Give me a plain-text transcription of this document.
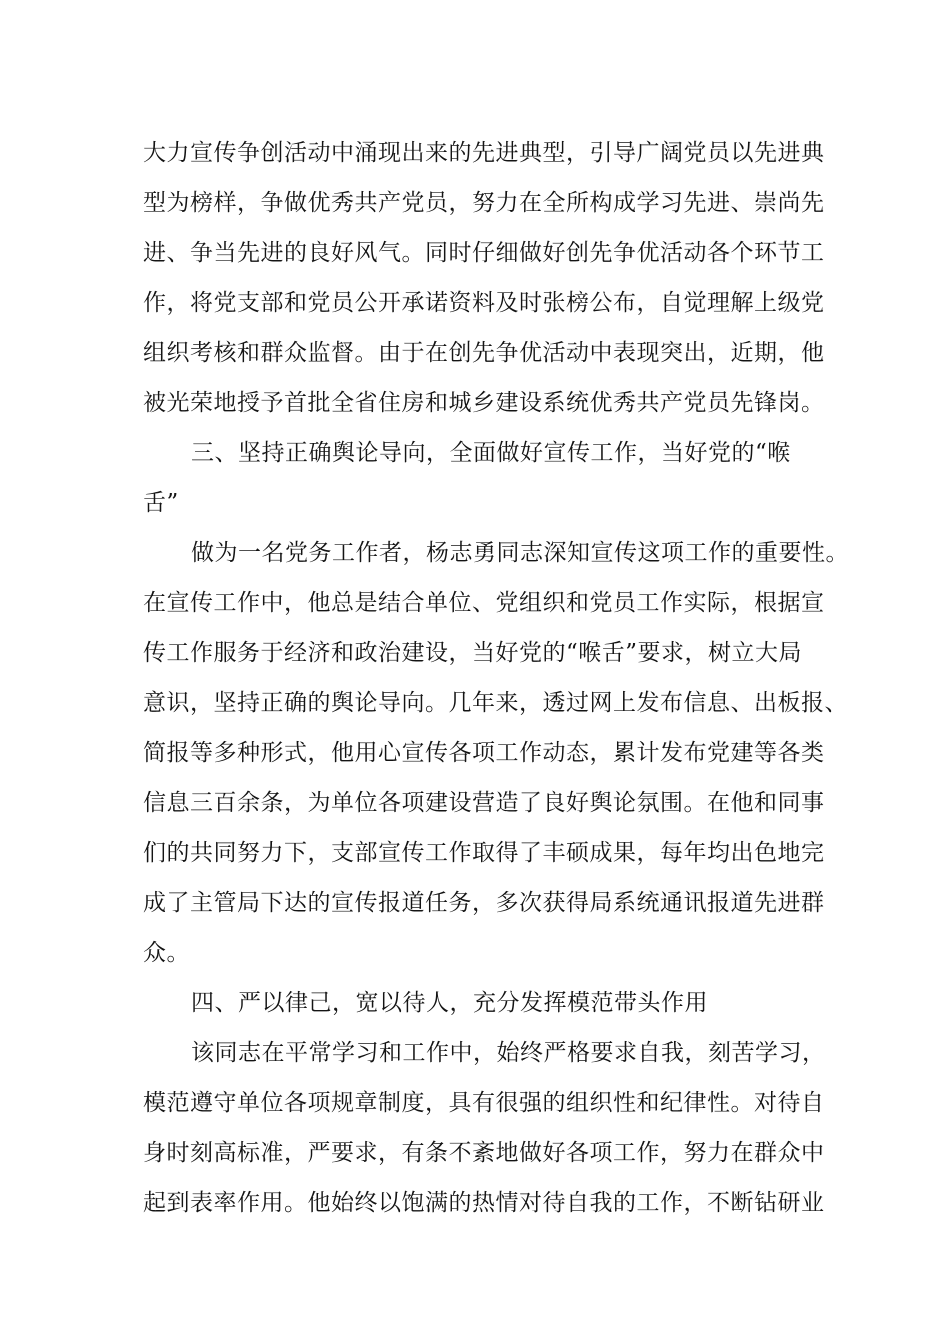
大力宣传争创活动中涌现出来的先进典型，引导广阔党员以先进典
型为榜样，争做优秀共产党员，努力在全所构成学习先进、崇尚先
进、争当先进的良好风气。同时仔细做好创先争优活动各个环节工
作，将党支部和党员公开承诺资料及时张榜公布，自觉理解上级党
组织考核和群众监督。由于在创先争优活动中表现突出，近期，他
被光荣地授予首批全省住房和城乡建设系统优秀共产党员先锋岗。
三、坚持正确舆论导向，全面做好宣传工作，当好党的“喉
舌”
做为一名党务工作者，杨志勇同志深知宣传这项工作的重要性。
在宣传工作中，他总是结合单位、党组织和党员工作实际，根据宣
传工作服务于经济和政治建设，当好党的“喉舌”要求，树立大局
意识，坚持正确的舆论导向。几年来，透过网上发布信息、出板报、
简报等多种形式，他用心宣传各项工作动态，累计发布党建等各类
信息三百余条，为单位各项建设营造了良好舆论氛围。在他和同事
们的共同努力下，支部宣传工作取得了丰硕成果，每年均出色地完
成了主管局下达的宣传报道任务，多次获得局系统通讯报道先进群
众。
四、严以律己，宽以待人，充分发挥模范带头作用
该同志在平常学习和工作中，始终严格要求自我，刻苦学习，
模范遵守单位各项规章制度，具有很强的组织性和纪律性。对待自
身时刻高标准，严要求，有条不紊地做好各项工作，努力在群众中
起到表率作用。他始终以饱满的热情对待自我的工作，不断钻研业
